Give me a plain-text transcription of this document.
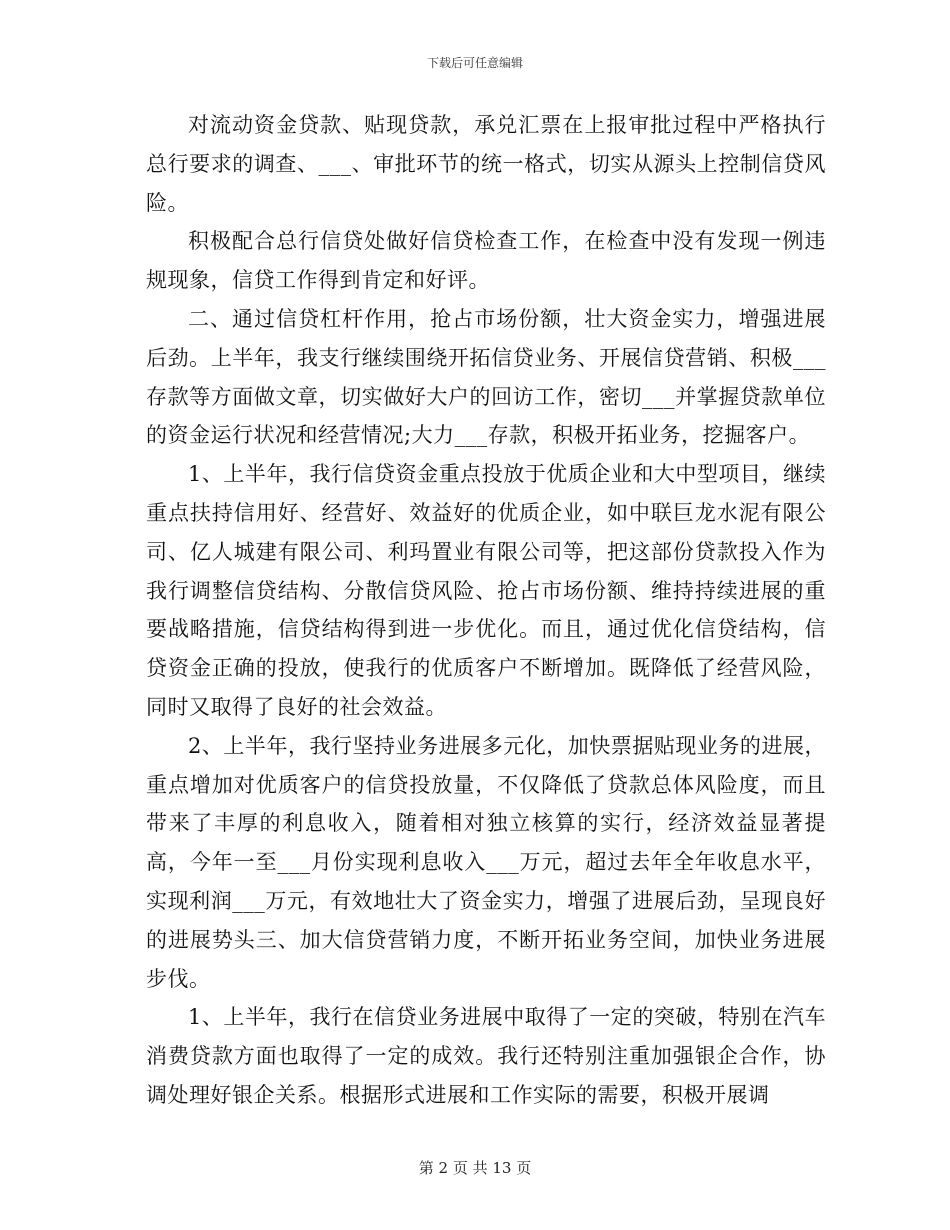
下载后可任意编辑

对流动资金贷款、贴现贷款，承兑汇票在上报审批过程中严格执行总行要求的调查、___、审批环节的统一格式，切实从源头上控制信贷风险。

积极配合总行信贷处做好信贷检查工作，在检查中没有发现一例违规现象，信贷工作得到肯定和好评。

二、通过信贷杠杆作用，抢占市场份额，壮大资金实力，增强进展后劲。上半年，我支行继续围绕开拓信贷业务、开展信贷营销、积极___存款等方面做文章，切实做好大户的回访工作，密切___并掌握贷款单位的资金运行状况和经营情况;大力___存款，积极开拓业务，挖掘客户。

1、上半年，我行信贷资金重点投放于优质企业和大中型项目，继续重点扶持信用好、经营好、效益好的优质企业，如中联巨龙水泥有限公司、亿人城建有限公司、利玛置业有限公司等，把这部份贷款投入作为我行调整信贷结构、分散信贷风险、抢占市场份额、维持持续进展的重要战略措施，信贷结构得到进一步优化。而且，通过优化信贷结构，信贷资金正确的投放，使我行的优质客户不断增加。既降低了经营风险，同时又取得了良好的社会效益。

2、上半年，我行坚持业务进展多元化，加快票据贴现业务的进展，重点增加对优质客户的信贷投放量，不仅降低了贷款总体风险度，而且带来了丰厚的利息收入，随着相对独立核算的实行，经济效益显著提高，今年一至___月份实现利息收入___万元，超过去年全年收息水平，实现利润___万元，有效地壮大了资金实力，增强了进展后劲，呈现良好的进展势头三、加大信贷营销力度，不断开拓业务空间，加快业务进展步伐。

1、上半年，我行在信贷业务进展中取得了一定的突破，特别在汽车消费贷款方面也取得了一定的成效。我行还特别注重加强银企合作，协调处理好银企关系。根据形式进展和工作实际的需要，积极开展调

第 2 页 共 13 页
